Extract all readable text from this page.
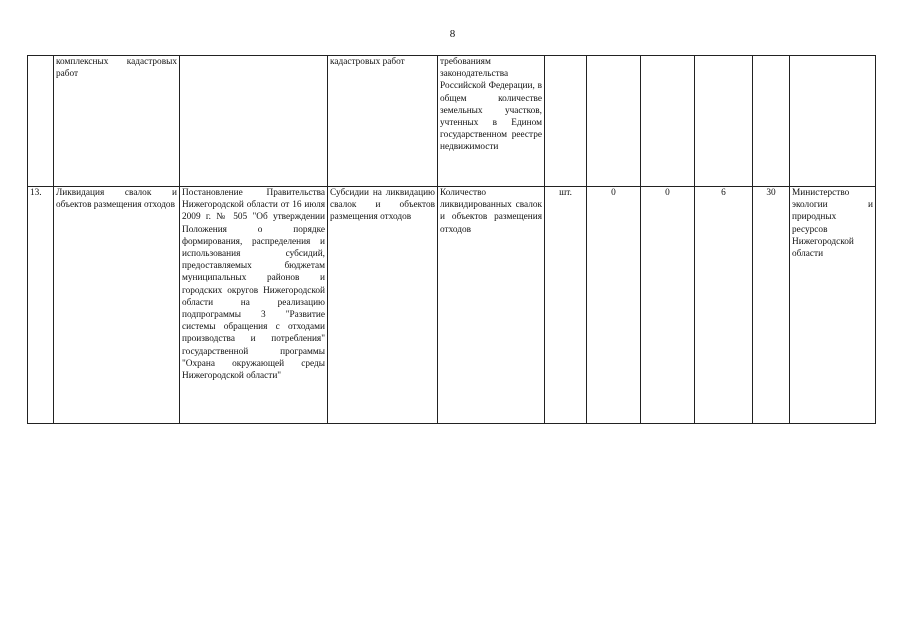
8
	комплексных кадастровых работ		кадастровых работ	требованиям законодательства Российской Федерации, в общем количестве земельных участков, учтенных в Едином государственном реестре недвижимости						
13.	Ликвидация свалок и объектов размещения отходов	Постановление Правительства Нижегородской области от 16 июля 2009 г. № 505 "Об утверждении Положения о порядке формирования, распределения и использования субсидий, предоставляемых бюджетам муниципальных районов и городских округов Нижегородской области на реализацию подпрограммы 3 "Развитие системы обращения с отходами производства и потребления" государственной программы "Охрана окружающей среды Нижегородской области"	Субсидии на ликвидацию свалок и объектов размещения отходов	Количество ликвидированных свалок и объектов размещения отходов	шт.	0	0	6	30	Министерство экологии и природных ресурсов Нижегородской области
